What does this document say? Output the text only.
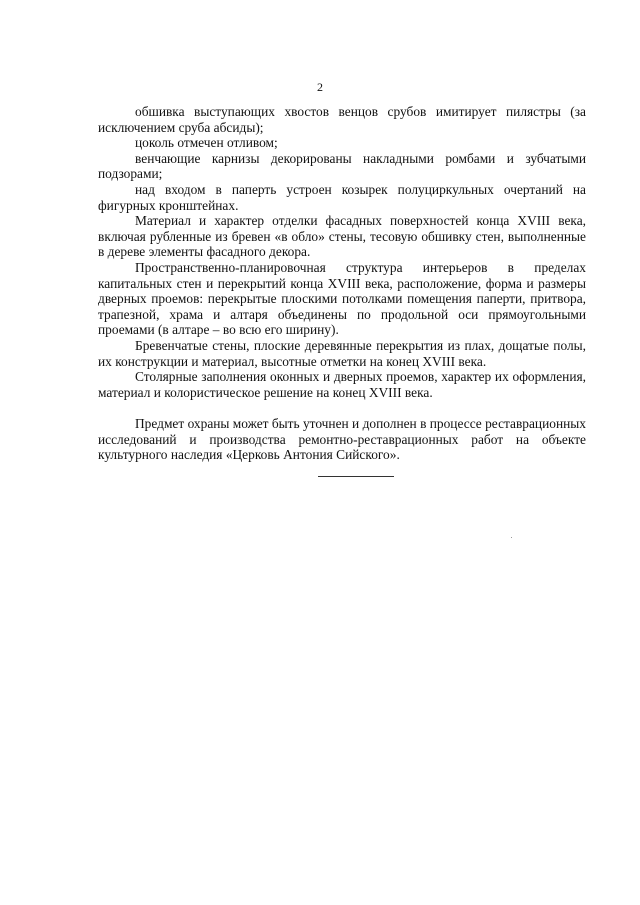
2

обшивка выступающих хвостов венцов срубов имитирует пилястры (за исключением сруба абсиды);

цоколь отмечен отливом;

венчающие карнизы декорированы накладными ромбами и зубчатыми подзорами;

над входом в паперть устроен козырек полуциркульных очертаний на фигурных кронштейнах.

Материал и характер отделки фасадных поверхностей конца XVIII века, включая рубленные из бревен «в обло» стены, тесовую обшивку стен, выполненные в дереве элементы фасадного декора.

Пространственно-планировочная структура интерьеров в пределах капитальных стен и перекрытий конца XVIII века, расположение, форма и размеры дверных проемов: перекрытые плоскими потолками помещения паперти, притвора, трапезной, храма и алтаря объединены по продольной оси прямоугольными проемами (в алтаре – во всю его ширину).

Бревенчатые стены, плоские деревянные перекрытия из плах, дощатые полы, их конструкции и материал, высотные отметки на конец XVIII века.

Столярные заполнения оконных и дверных проемов, характер их оформления, материал и колористическое решение на конец XVIII века.

Предмет охраны может быть уточнен и дополнен в процессе реставрационных исследований и производства ремонтно-реставрационных работ на объекте культурного наследия «Церковь Антония Сийского».
